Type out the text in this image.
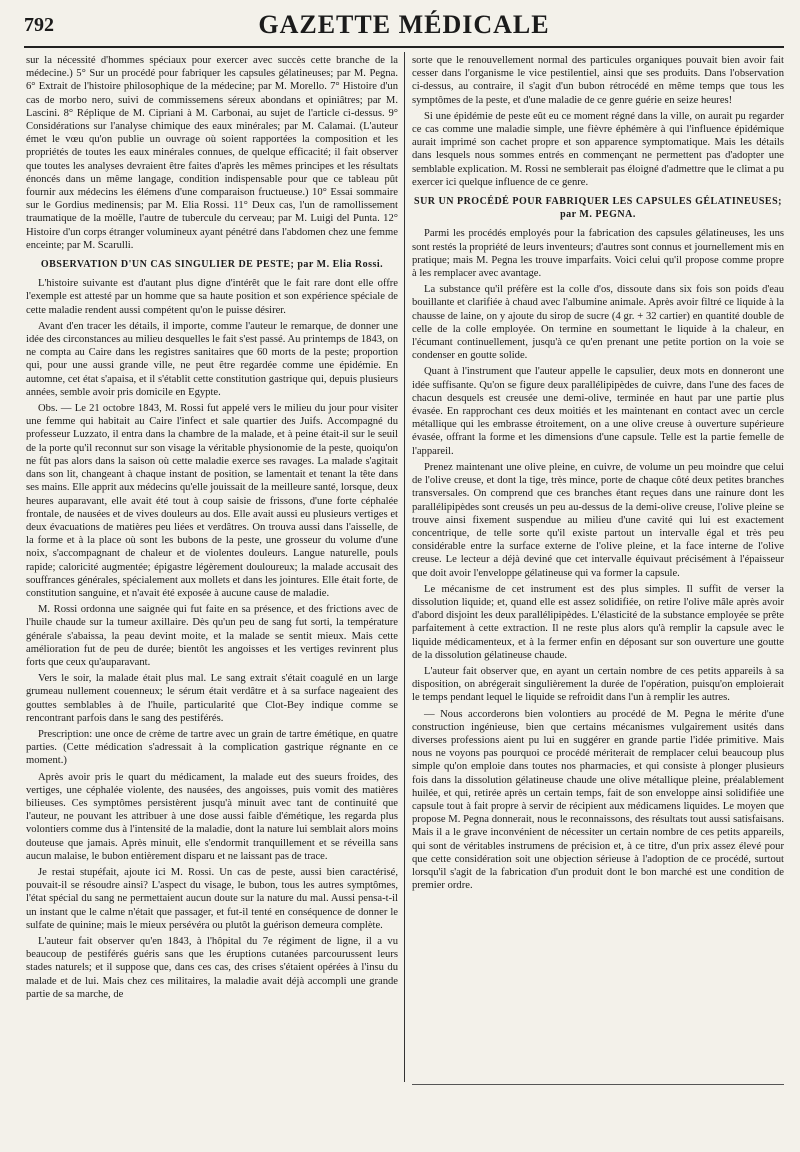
792	GAZETTE MÉDICALE

sur la nécessité d'hommes spéciaux pour exercer avec succès cette branche de la médecine.) 5° Sur un procédé pour fabriquer les capsules gélatineuses; par M. Pegna. 6° Extrait de l'histoire philosophique de la médecine; par M. Morello. 7° Histoire d'un cas de morbo nero, suivi de commissemens séreux abondans et opiniâtres; par M. Lascini. 8° Réplique de M. Cipriani à M. Carbonai, au sujet de l'article ci-dessus. 9° Considérations sur l'analyse chimique des eaux minérales; par M. Calamai. (L'auteur émet le vœu qu'on publie un ouvrage où soient rapportées la composition et les propriétés de toutes les eaux minérales connues, de quelque efficacité; il fait observer que toutes les analyses devraient être faites d'après les mêmes principes et les résultats énoncés dans un même langage, condition indispensable pour que ce tableau pût fournir aux médecins les élémens d'une comparaison fructueuse.) 10° Essai sommaire sur le Gordius medinensis; par M. Elia Rossi. 11° Deux cas, l'un de ramollissement traumatique de la moëlle, l'autre de tubercule du cerveau; par M. Luigi del Punta. 12° Histoire d'un corps étranger volumineux ayant pénétré dans l'abdomen chez une femme enceinte; par M. Scarulli.

OBSERVATION D'UN CAS SINGULIER DE PESTE; par M. Elia Rossi.

L'histoire suivante est d'autant plus digne d'intérêt que le fait rare dont elle offre l'exemple est attesté par un homme que sa haute position et son expérience spéciale de cette maladie rendent aussi compétent qu'on le puisse désirer.

Avant d'en tracer les détails, il importe, comme l'auteur le remarque, de donner une idée des circonstances au milieu desquelles le fait s'est passé. Au printemps de 1843, on ne compta au Caire dans les registres sanitaires que 60 morts de la peste; proportion qui, pour une aussi grande ville, ne peut être regardée comme une épidémie. En automne, cet état s'apaisa, et il s'établit cette constitution gastrique qui, depuis plusieurs années, semble avoir pris domicile en Egypte.

Obs. — Le 21 octobre 1843, M. Rossi fut appelé vers le milieu du jour pour visiter une femme qui habitait au Caire l'infect et sale quartier des Juifs. Accompagné du professeur Luzzato, il entra dans la chambre de la malade, et à peine était-il sur le seuil de la porte qu'il reconnut sur son visage la véritable physionomie de la peste, quoiqu'on ne fût pas alors dans la saison où cette maladie exerce ses ravages. La malade s'agitait dans son lit, changeant à chaque instant de position, se lamentait et tenant la tête dans ses mains. Elle apprit aux médecins qu'elle jouissait de la meilleure santé, lorsque, deux heures auparavant, elle avait été tout à coup saisie de frissons, d'une forte céphalée frontale, de nausées et de vives douleurs au dos. Elle avait aussi eu plusieurs vertiges et deux évacuations de matières peu liées et verdâtres. On trouva aussi dans l'aisselle, de la forme et à la place où sont les bubons de la peste, une grosseur du volume d'une noix, s'accompagnant de chaleur et de violentes douleurs. Langue naturelle, pouls rapide; caloricité augmentée; épigastre légèrement douloureux; la malade accusait des souffrances générales, spécialement aux mollets et dans les jointures. Elle était forte, de constitution sanguine, et n'avait été exposée à aucune cause de maladie.

M. Rossi ordonna une saignée qui fut faite en sa présence, et des frictions avec de l'huile chaude sur la tumeur axillaire. Dès qu'un peu de sang fut sorti, la température générale s'abaissa, la peau devint moite, et la malade se sentit mieux. Mais cette amélioration fut de peu de durée; bientôt les angoisses et les vertiges revinrent plus forts que ceux qu'auparavant.

Vers le soir, la malade était plus mal. Le sang extrait s'était coagulé en un large grumeau nullement couenneux; le sérum était verdâtre et à sa surface nageaient des gouttes semblables à de l'huile, particularité que Clot-Bey indique comme se rencontrant parfois dans le sang des pestiférés.

Prescription: une once de crème de tartre avec un grain de tartre émétique, en quatre parties. (Cette médication s'adressait à la complication gastrique régnante en ce moment.)

Après avoir pris le quart du médicament, la malade eut des sueurs froides, des vertiges, une céphalée violente, des nausées, des angoisses, puis vomit des matières bilieuses. Ces symptômes persistèrent jusqu'à minuit avec tant de continuité que l'auteur, ne pouvant les attribuer à une dose aussi faible d'émétique, les regarda plus volontiers comme dus à l'intensité de la maladie, dont la nature lui semblait alors moins douteuse que jamais. Après minuit, elle s'endormit tranquillement et se réveilla sans aucun malaise, le bubon entièrement disparu et ne laissant pas de trace.

Je restai stupéfait, ajoute ici M. Rossi. Un cas de peste, aussi bien caractérisé, pouvait-il se résoudre ainsi? L'aspect du visage, le bubon, tous les autres symptômes, l'état spécial du sang ne permettaient aucun doute sur la nature du mal. Aussi pensa-t-il un instant que le calme n'était que passager, et fut-il tenté en conséquence de donner le sulfate de quinine; mais le mieux persévéra ou plutôt la guérison demeura complète.

L'auteur fait observer qu'en 1843, à l'hôpital du 7e régiment de ligne, il a vu beaucoup de pestiférés guéris sans que les éruptions cutanées parcourussent leurs stades naturels; et il suppose que, dans ces cas, des crises s'étaient opérées à l'insu du malade et de lui. Mais chez ces militaires, la maladie avait déjà accompli une grande partie de sa marche, de

sorte que le renouvellement normal des particules organiques pouvait bien avoir fait cesser dans l'organisme le vice pestilentiel, ainsi que ses produits. Dans l'observation ci-dessus, au contraire, il s'agit d'un bubon rétrocédé en même temps que tous les symptômes de la peste, et d'une maladie de ce genre guérie en seize heures!

Si une épidémie de peste eût eu ce moment régné dans la ville, on aurait pu regarder ce cas comme une maladie simple, une fièvre éphémère à qui l'influence épidémique aurait imprimé son cachet propre et son apparence symptomatique. Mais les détails dans lesquels nous sommes entrés en commençant ne permettent pas d'adopter une semblable explication. M. Rossi ne semblerait pas éloigné d'admettre que le climat a pu exercer ici quelque influence de ce genre.

SUR UN PROCÉDÉ POUR FABRIQUER LES CAPSULES GÉLATINEUSES; par M. PEGNA.

Parmi les procédés employés pour la fabrication des capsules gélatineuses, les uns sont restés la propriété de leurs inventeurs; d'autres sont connus et journellement mis en pratique; mais M. Pegna les trouve imparfaits. Voici celui qu'il propose comme propre à les remplacer avec avantage.

La substance qu'il préfère est la colle d'os, dissoute dans six fois son poids d'eau bouillante et clarifiée à chaud avec l'albumine animale. Après avoir filtré ce liquide à la chausse de laine, on y ajoute du sirop de sucre (4 gr. + 32 cartier) en quantité double de celle de la colle employée. On termine en soumettant le liquide à la chaleur, en l'écumant continuellement, jusqu'à ce qu'en prenant une petite portion on la voie se condenser en goutte solide.

Quant à l'instrument que l'auteur appelle le capsulier, deux mots en donneront une idée suffisante. Qu'on se figure deux parallélipipèdes de cuivre, dans l'une des faces de chacun desquels est creusée une demi-olive, terminée en haut par une partie plus évasée. En rapprochant ces deux moitiés et les maintenant en contact avec un cercle métallique qui les embrasse étroitement, on a une olive creuse à ouverture supérieure évasée, offrant la forme et les dimensions d'une capsule. Telle est la partie femelle de l'appareil.

Prenez maintenant une olive pleine, en cuivre, de volume un peu moindre que celui de l'olive creuse, et dont la tige, très mince, porte de chaque côté deux petites branches transversales. On comprend que ces branches étant reçues dans une rainure dont les parallélipipèdes sont creusés un peu au-dessus de la demi-olive creuse, l'olive pleine se trouve ainsi fixement suspendue au milieu d'une cavité qui lui est exactement concentrique, de telle sorte qu'il existe partout un intervalle égal et très peu considérable entre la surface externe de l'olive pleine, et la face interne de l'olive creuse. Le lecteur a déjà deviné que cet intervalle équivaut précisément à l'épaisseur que doit avoir l'enveloppe gélatineuse qui va former la capsule.

Le mécanisme de cet instrument est des plus simples. Il suffit de verser la dissolution liquide; et, quand elle est assez solidifiée, on retire l'olive mâle après avoir d'abord disjoint les deux parallélipipèdes. L'élasticité de la substance employée se prête parfaitement à cette extraction. Il ne reste plus alors qu'à remplir la capsule avec le liquide médicamenteux, et à la fermer enfin en déposant sur son ouverture une goutte de la dissolution gélatineuse chaude.

L'auteur fait observer que, en ayant un certain nombre de ces petits appareils à sa disposition, on abrégerait singulièrement la durée de l'opération, puisqu'on emploierait le temps pendant lequel le liquide se refroidit dans l'un à remplir les autres.

— Nous accorderons bien volontiers au procédé de M. Pegna le mérite d'une construction ingénieuse, bien que certains mécanismes vulgairement usités dans diverses professions aient pu lui en suggérer en grande partie l'idée primitive. Mais nous ne voyons pas pourquoi ce procédé mériterait de remplacer celui beaucoup plus simple qu'on emploie dans toutes nos pharmacies, et qui consiste à plonger plusieurs fois dans la dissolution gélatineuse chaude une olive métallique pleine, préalablement huilée, et qui, retirée après un certain temps, fait de son enveloppe ainsi solidifiée une capsule tout à fait propre à servir de récipient aux médicamens liquides. Le moyen que propose M. Pegna donnerait, nous le reconnaissons, des résultats tout aussi satisfaisans. Mais il a le grave inconvénient de nécessiter un certain nombre de ces petits appareils, qui sont de véritables instrumens de précision et, à ce titre, d'un prix assez élevé pour que cette considération soit une objection sérieuse à l'adoption de ce procédé, surtout lorsqu'il s'agit de la fabrication d'un produit dont le bon marché est une condition de premier ordre.
